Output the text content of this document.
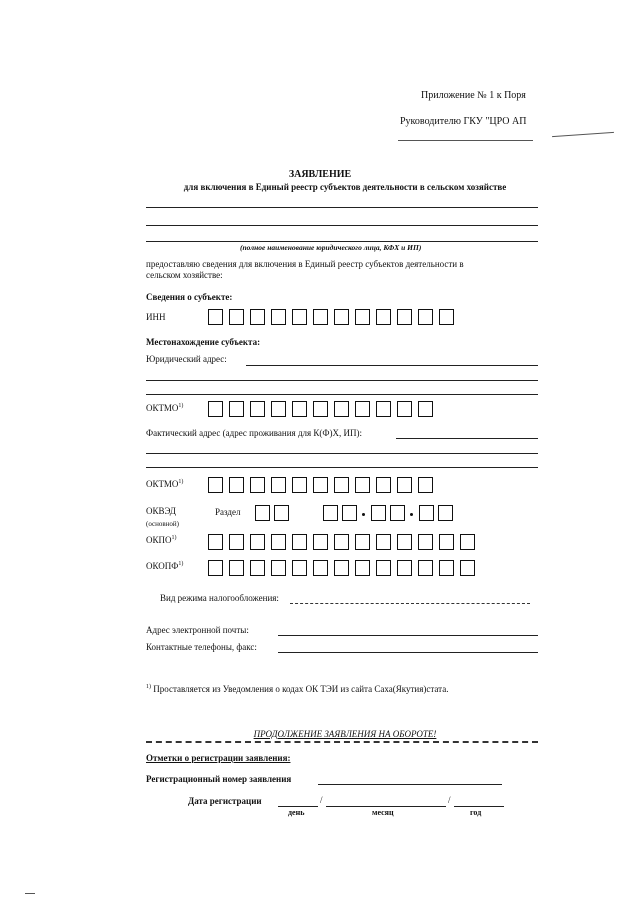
Приложение № 1 к Поря
Руководителю ГКУ "ЦРО АП
ЗАЯВЛЕНИЕ
для включения в Единый реестр субъектов деятельности в сельском хозяйстве
(полное наименование юридического лица, КФХ и ИП)
предоставляю сведения для включения в Единый реестр субъектов деятельности в
сельском хозяйстве:
Сведения о субъекте:
ИНН
Местонахождение субъекта:
Юридический адрес:
ОКТМО$^{1)}$
Фактический адрес (адрес проживания для К(Ф)Х, ИП):
ОКТМО$^{1)}$
ОКВЭД
(основной)
Раздел
ОКПО$^{1)}$
ОКОПФ$^{1)}$
Вид режима налогообложения:
Адрес электронной почты:
Контактные телефоны, факс:
$^{1)}$ Проставляется из Уведомления о кодах ОК ТЭИ из сайта Саха(Якутия)стата.
ПРОДОЛЖЕНИЕ ЗАЯВЛЕНИЯ НА ОБОРОТЕ!
Отметки о регистрации заявления:
Регистрационный номер заявления
Дата регистрации	/	/
день	месяц	год
